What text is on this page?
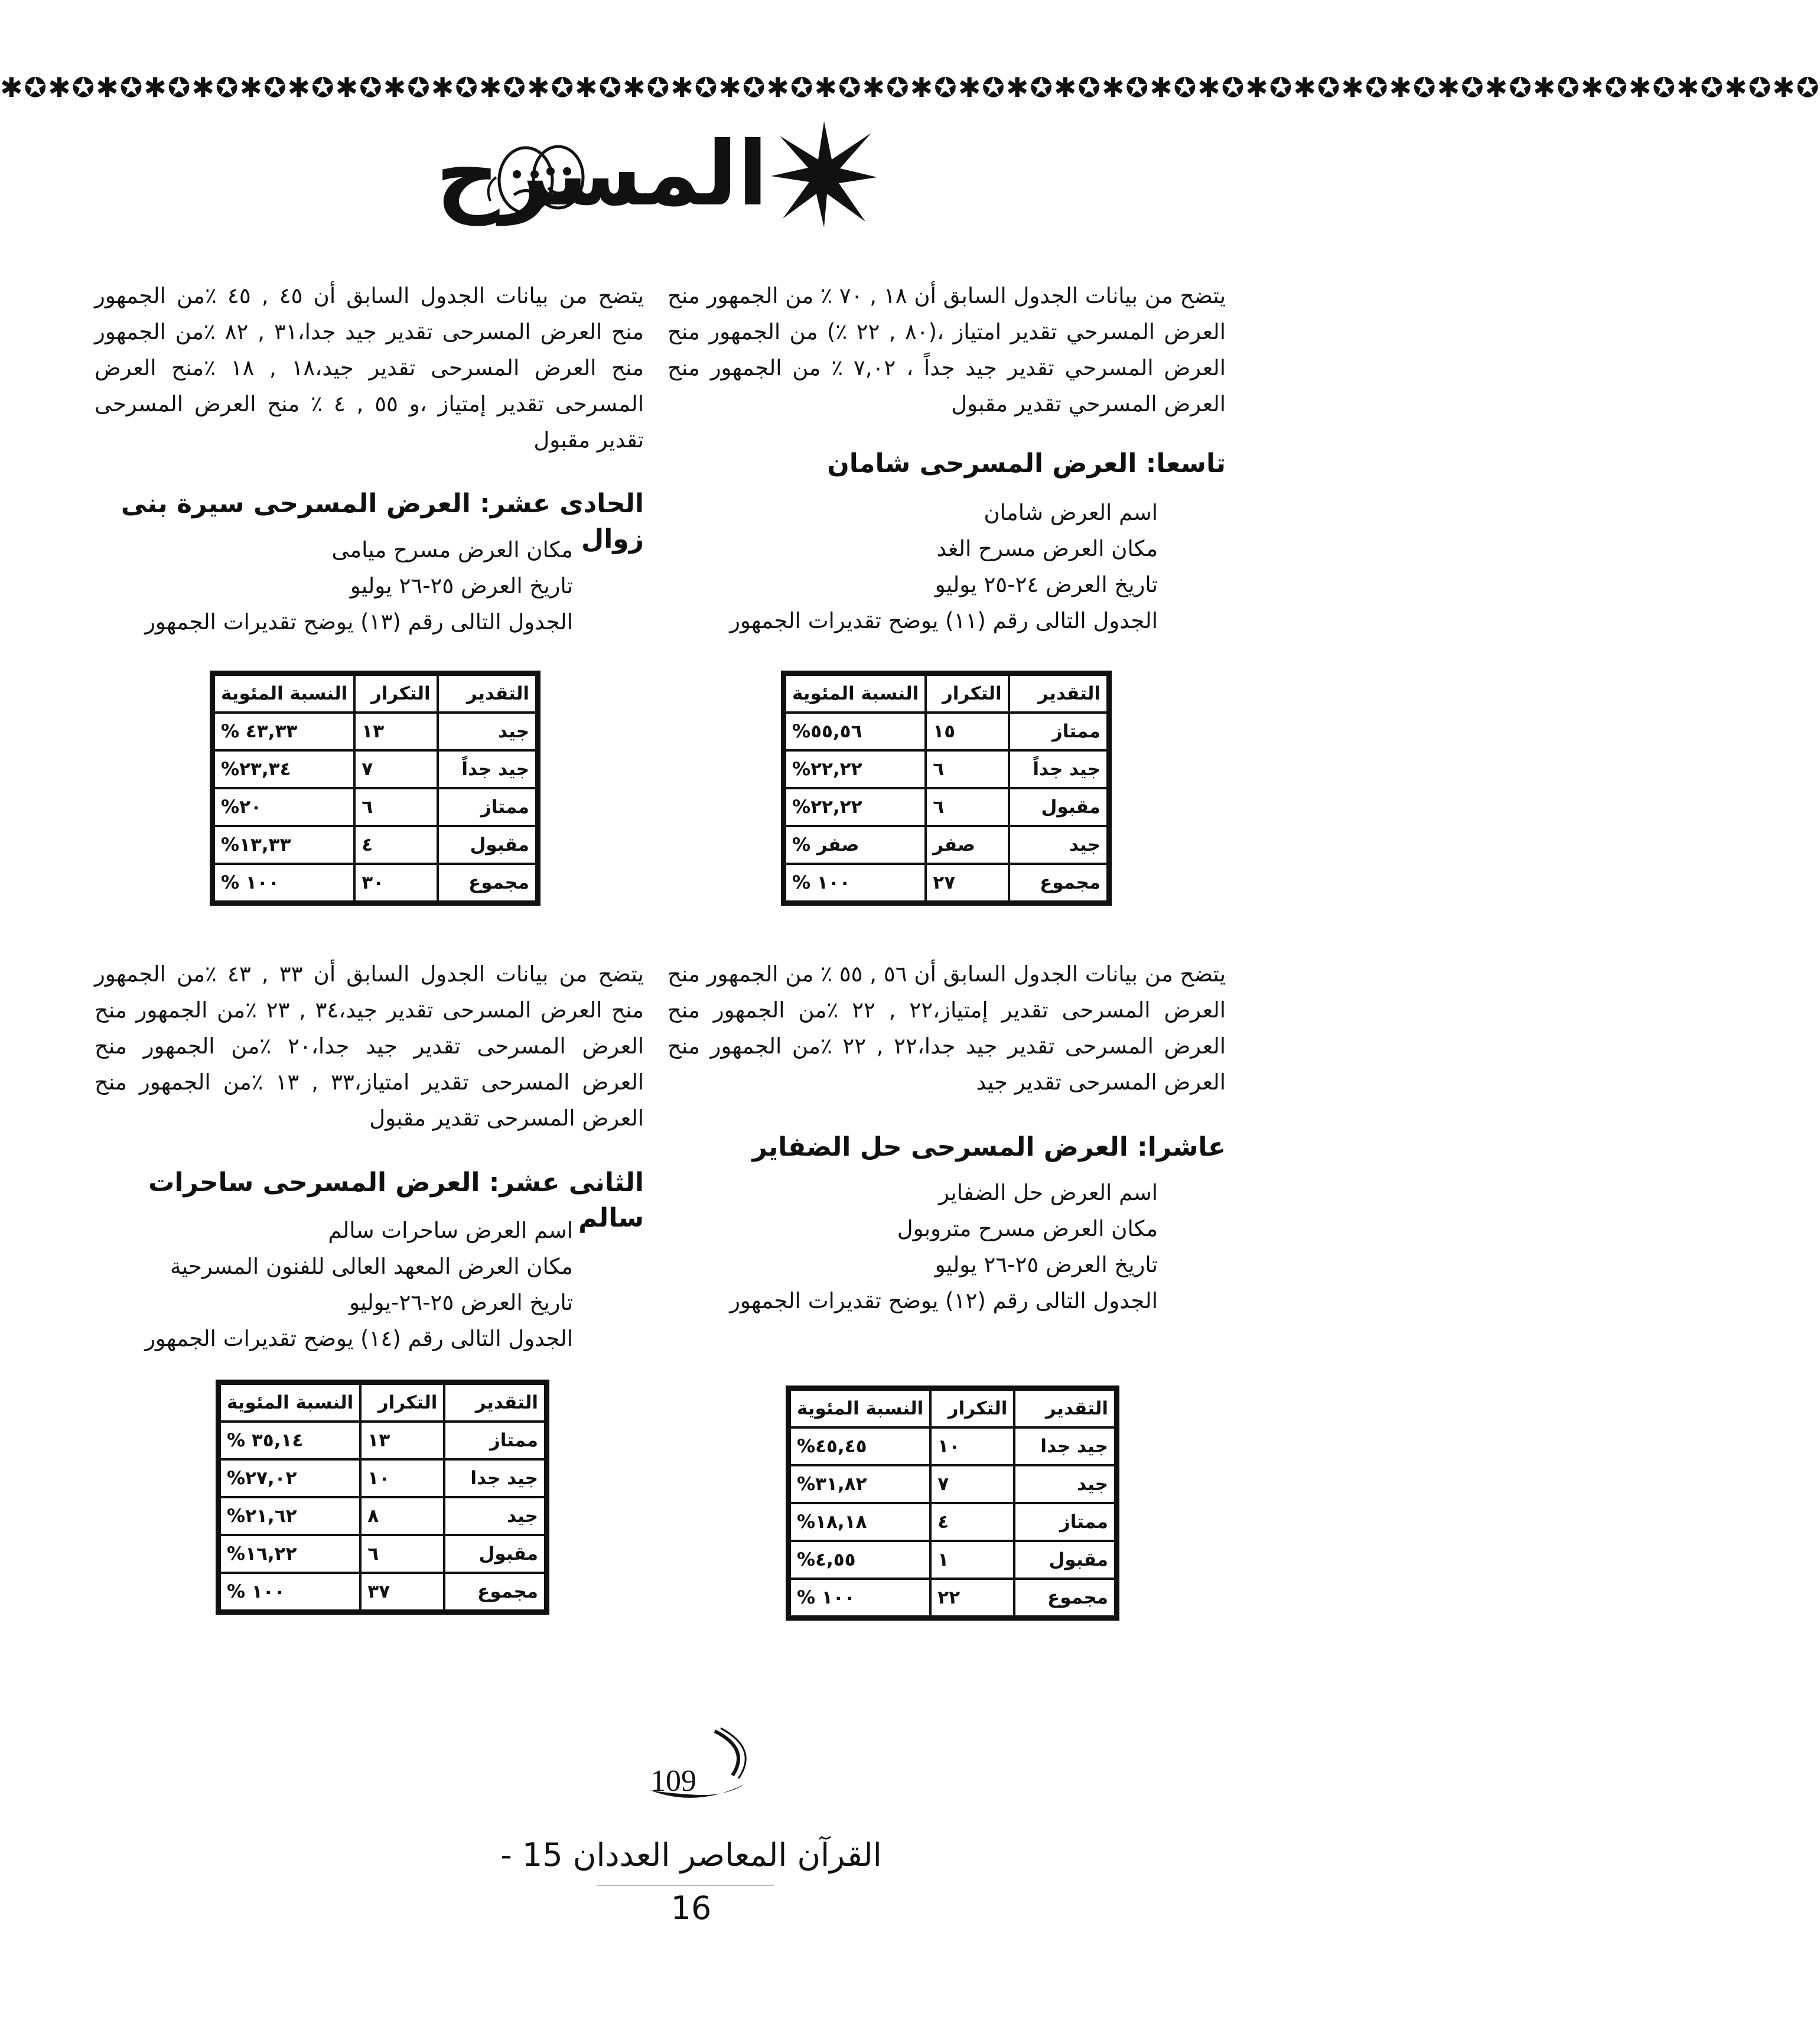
✱✪✱✪✱✪✱✪✱✪✱✪✱✪✱✪✱✪✱✪✱✪✱✪✱✪✱✪✱✪✱✪✱✪✱✪✱✪✱✪✱✪✱✪✱✪✱✪✱✪✱✪✱✪✱✪✱✪✱✪✱✪✱✪✱✪✱✪✱✪✱✪✱✪✱✪
المسرح
يتضح من بيانات الجدول السابق أن ١٨ , ٧٠ ٪ من الجمهور منح العرض المسرحي تقدير امتياز ،(٨٠ , ٢٢ ٪) من الجمهور منح العرض المسرحي تقدير جيد جداً ، ٧,٠٢ ٪ من الجمهور منح العرض المسرحي تقدير مقبول
تاسعا: العرض المسرحى شامان
اسم العرض شامان
مكان العرض مسرح الغد
تاريخ العرض ٢٤-٢٥ يوليو
الجدول التالى رقم (١١) يوضح تقديرات الجمهور
التقدير	التكرار	النسبة المئوية
ممتاز	١٥	٥٥,٥٦%
جيد جداً	٦	٢٢,٢٢%
مقبول	٦	٢٢,٢٢%
جيد	صفر	صفر %
مجموع	٢٧	١٠٠ %
يتضح من بيانات الجدول السابق أن ٥٦ , ٥٥ ٪ من الجمهور منح العرض المسرحى تقدير إمتياز،٢٢ , ٢٢ ٪من الجمهور منح العرض المسرحى تقدير جيد جدا،٢٢ , ٢٢ ٪من الجمهور منح العرض المسرحى تقدير جيد
عاشرا: العرض المسرحى حل الضفاير
اسم العرض حل الضفاير
مكان العرض مسرح متروبول
تاريخ العرض ٢٥-٢٦ يوليو
الجدول التالى رقم (١٢) يوضح تقديرات الجمهور
التقدير	التكرار	النسبة المئوية
جيد جدا	١٠	٤٥,٤٥%
جيد	٧	٣١,٨٢%
ممتاز	٤	١٨,١٨%
مقبول	١	٤,٥٥%
مجموع	٢٢	١٠٠ %
يتضح من بيانات الجدول السابق أن ٤٥ , ٤٥ ٪من الجمهور منح العرض المسرحى تقدير جيد جدا،٣١ , ٨٢ ٪من الجمهور منح العرض المسرحى تقدير جيد،١٨ , ١٨ ٪منح العرض المسرحى تقدير إمتياز ،و ٥٥ , ٤ ٪ منح العرض المسرحى تقدير مقبول
الحادى عشر: العرض المسرحى سيرة بنى زوال
مكان العرض مسرح ميامى
تاريخ العرض ٢٥-٢٦ يوليو
الجدول التالى رقم (١٣) يوضح تقديرات الجمهور
التقدير	التكرار	النسبة المئوية
جيد	١٣	٤٣,٣٣ %
جيد جداً	٧	٢٣,٣٤%
ممتاز	٦	٢٠%
مقبول	٤	١٣,٣٣%
مجموع	٣٠	١٠٠ %
يتضح من بيانات الجدول السابق أن ٣٣ , ٤٣ ٪من الجمهور منح العرض المسرحى تقدير جيد،٣٤ , ٢٣ ٪من الجمهور منح العرض المسرحى تقدير جيد جدا،٢٠ ٪من الجمهور منح العرض المسرحى تقدير امتياز،٣٣ , ١٣ ٪من الجمهور منح العرض المسرحى تقدير مقبول
الثانى عشر: العرض المسرحى ساحرات سالم
اسم العرض ساحرات سالم
مكان العرض المعهد العالى للفنون المسرحية
تاريخ العرض ٢٥-٢٦-يوليو
الجدول التالى رقم (١٤) يوضح تقديرات الجمهور
التقدير	التكرار	النسبة المئوية
ممتاز	١٣	٣٥,١٤ %
جيد جدا	١٠	٢٧,٠٢%
جيد	٨	٢١,٦٢%
مقبول	٦	١٦,٢٢%
مجموع	٣٧	١٠٠ %
109
القرآن المعاصر العددان 15 - 16
